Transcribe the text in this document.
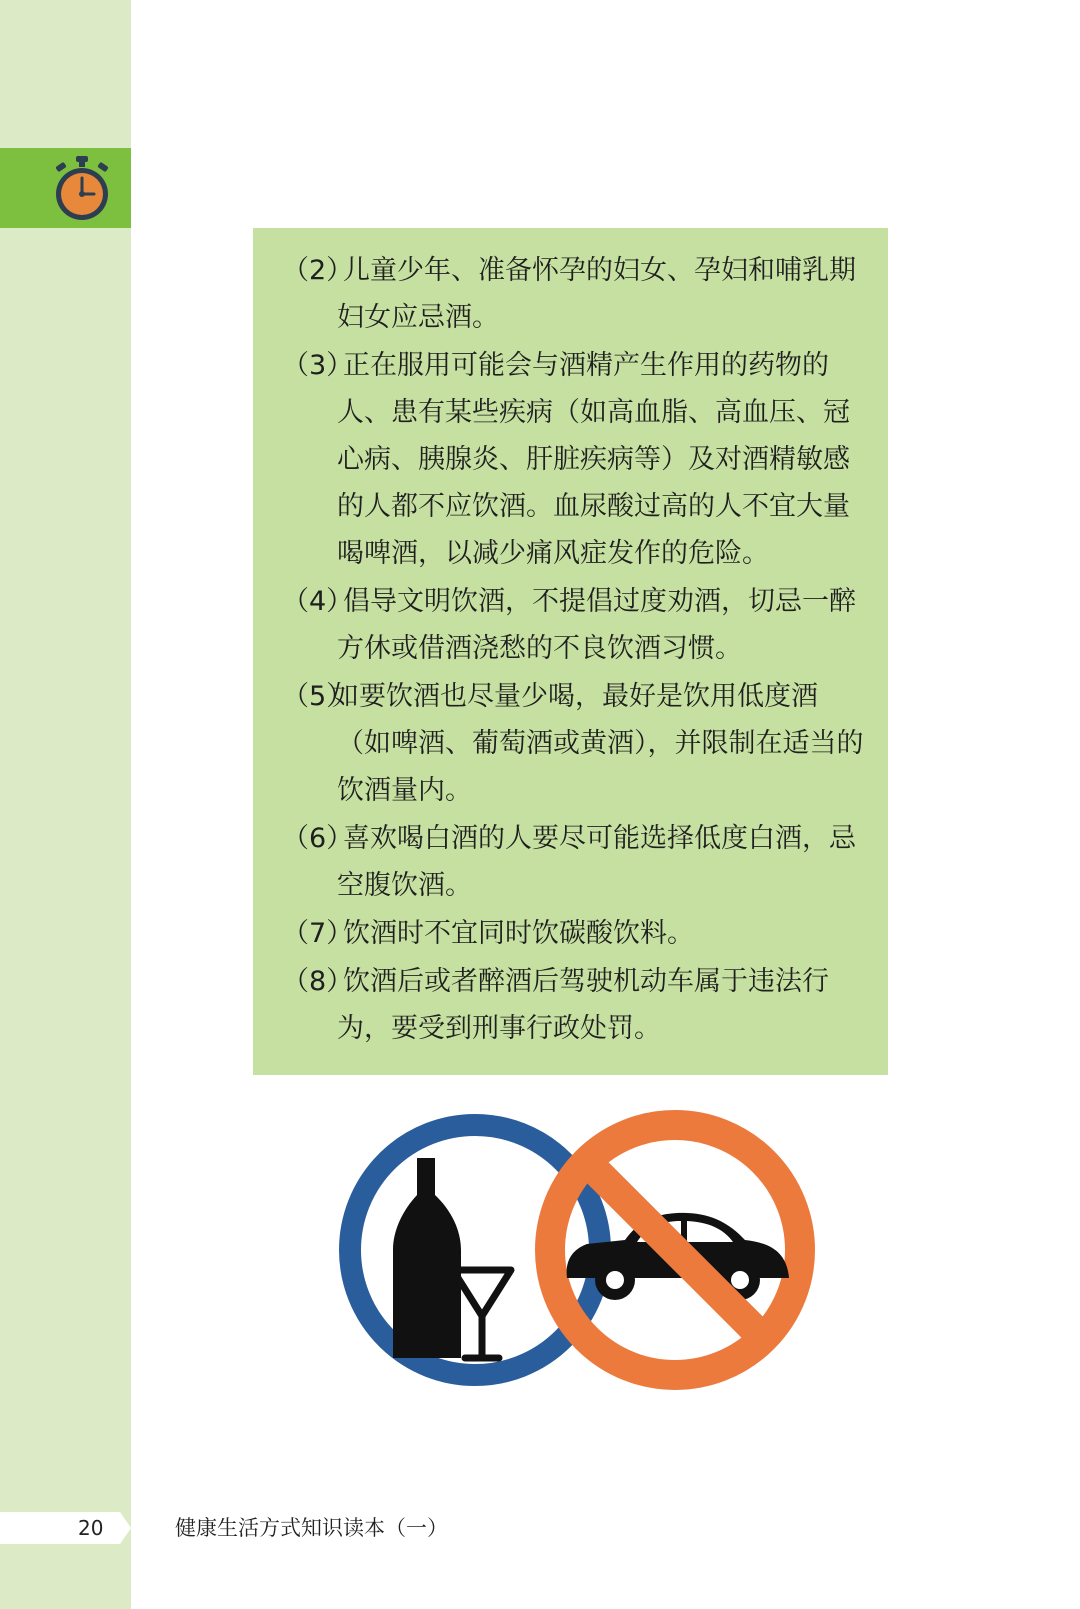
（2）
儿童少年、准备怀孕的妇女、孕妇和哺乳期妇女应忌酒。
（3）
正在服用可能会与酒精产生作用的药物的人、患有某些疾病（如高血脂、高血压、冠心病、胰腺炎、肝脏疾病等）及对酒精敏感的人都不应饮酒。血尿酸过高的人不宜大量喝啤酒，以减少痛风症发作的危险。
（4）
倡导文明饮酒，不提倡过度劝酒，切忌一醉方休或借酒浇愁的不良饮酒习惯。
（5）
如要饮酒也尽量少喝，最好是饮用低度酒（如啤酒、葡萄酒或黄酒），并限制在适当的饮酒量内。
（6）
喜欢喝白酒的人要尽可能选择低度白酒，忌空腹饮酒。
（7）
饮酒时不宜同时饮碳酸饮料。
（8）
饮酒后或者醉酒后驾驶机动车属于违法行为，要受到刑事行政处罚。
20	健康生活方式知识读本（一）
